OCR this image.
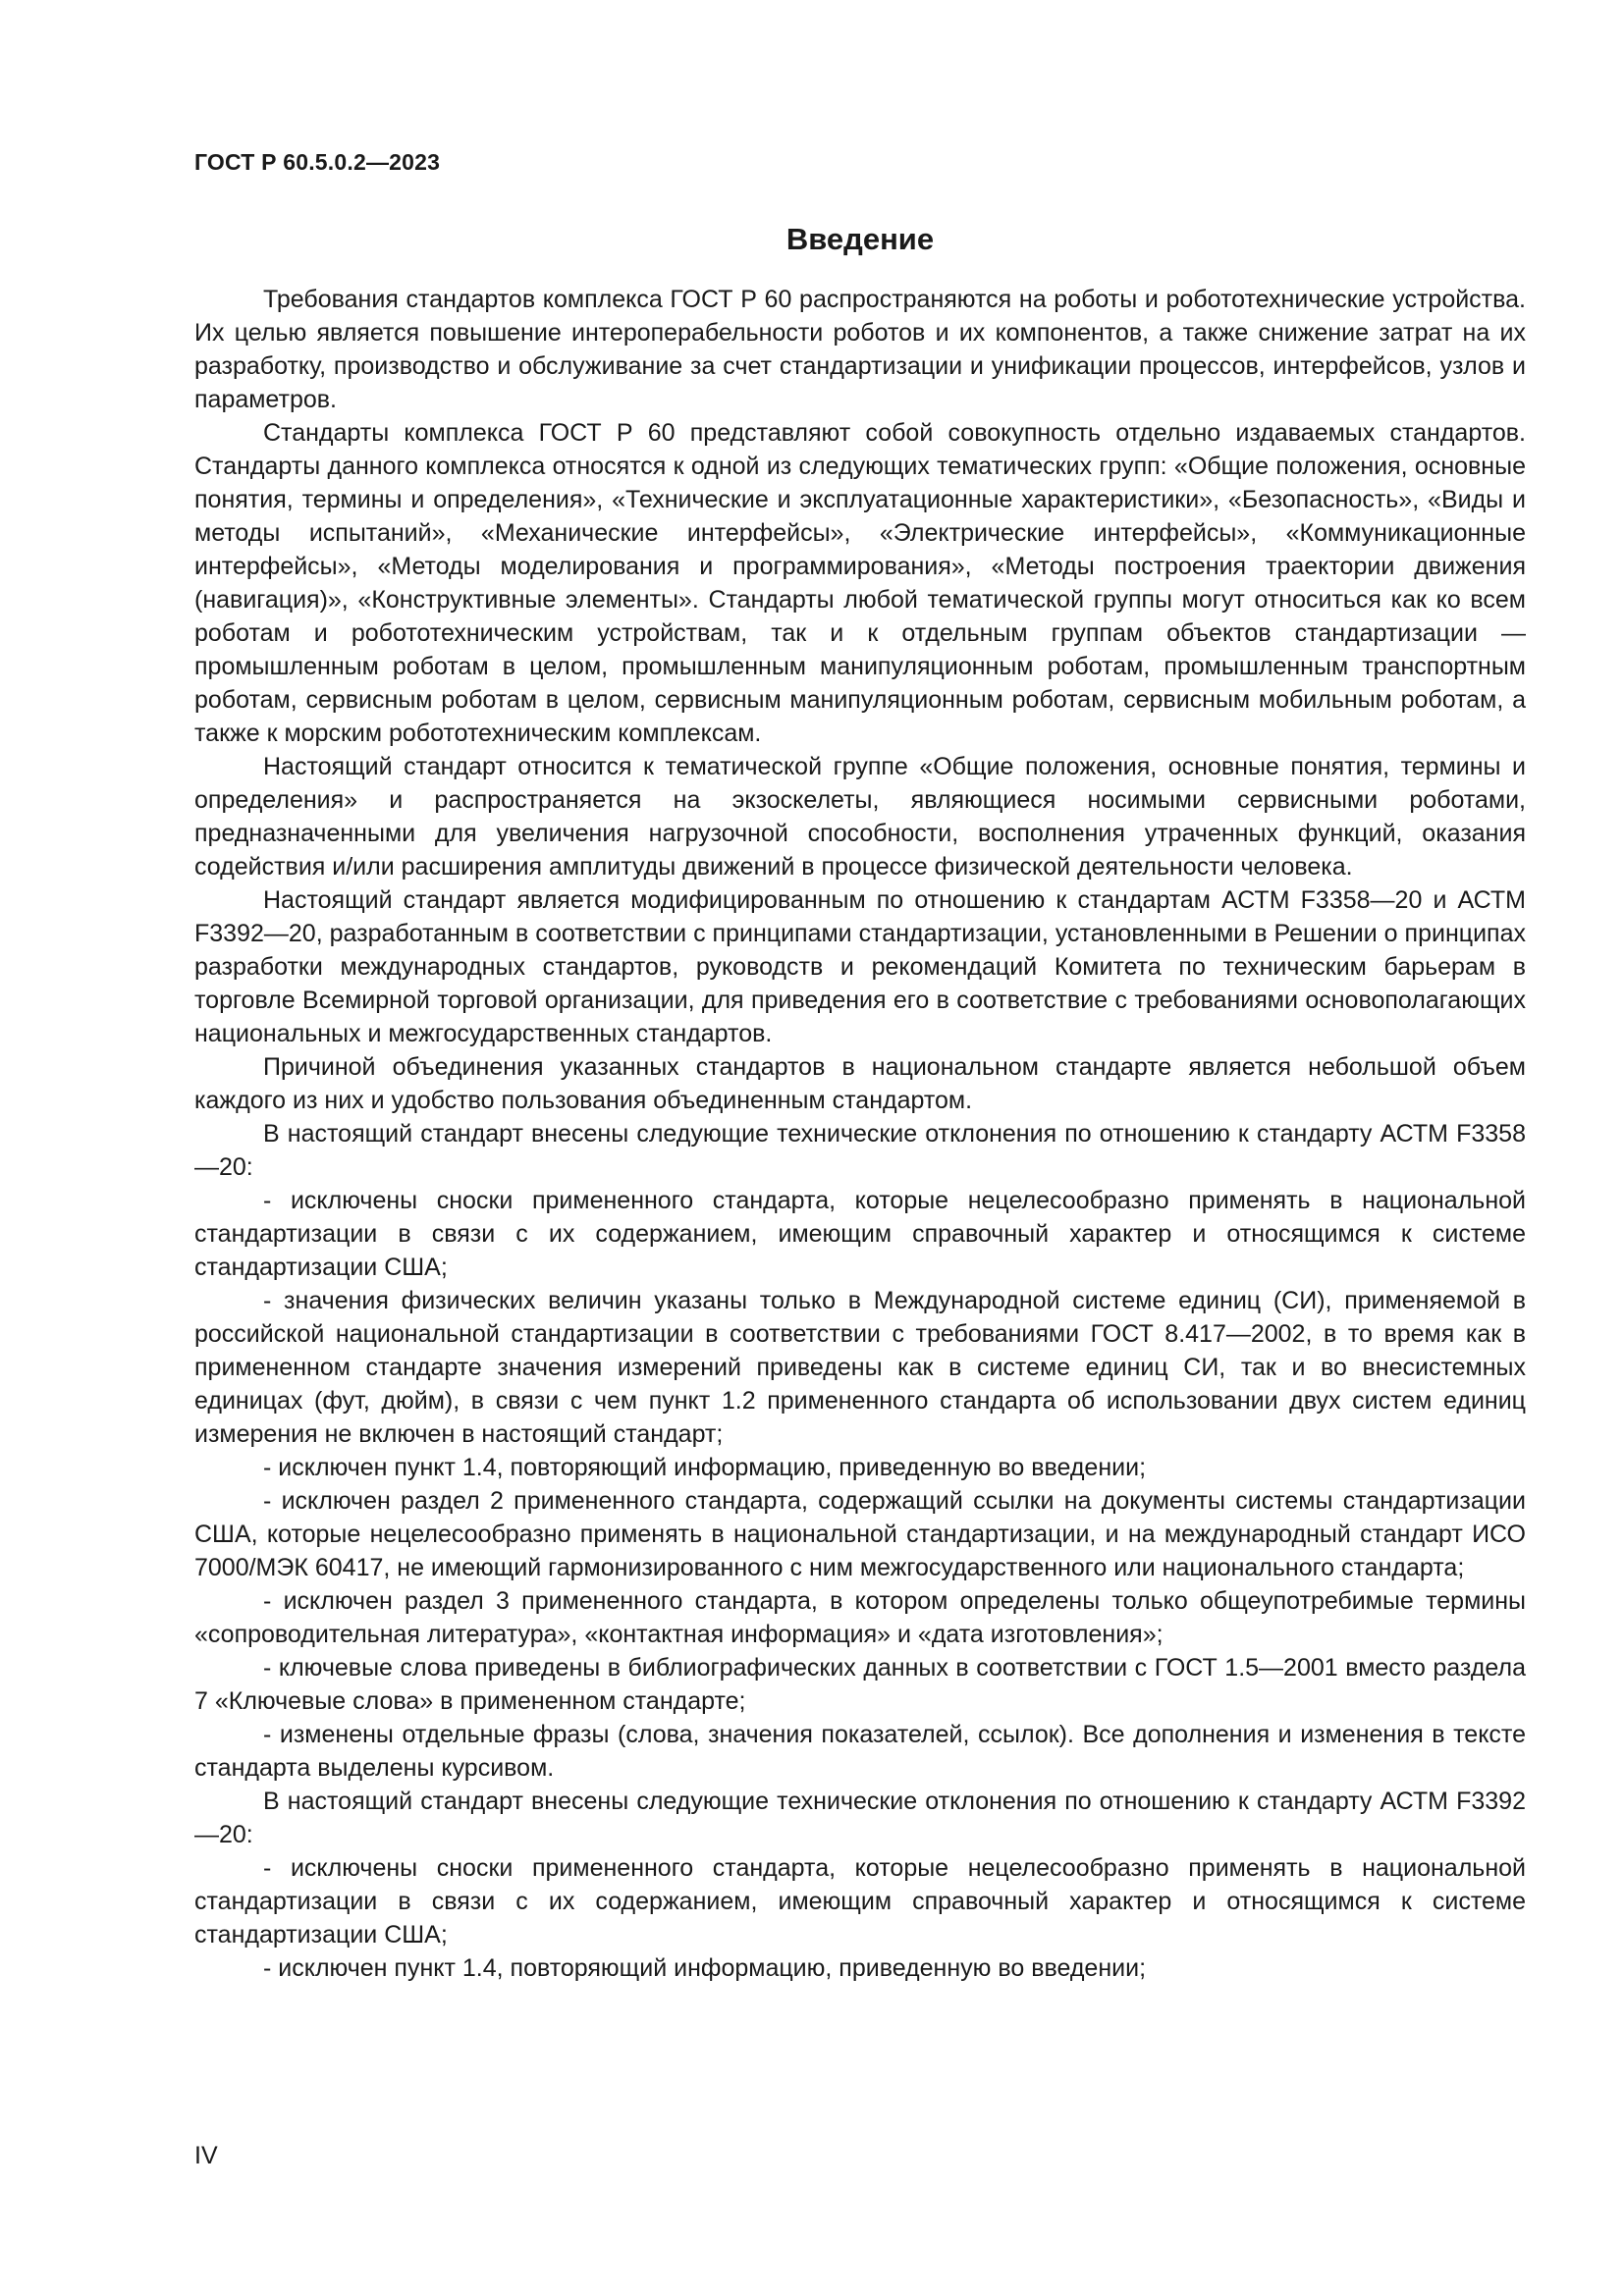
ГОСТ Р 60.5.0.2—2023
Введение

Требования стандартов комплекса ГОСТ Р 60 распространяются на роботы и робототехнические устройства. Их целью является повышение интероперабельности роботов и их компонентов, а также снижение затрат на их разработку, производство и обслуживание за счет стандартизации и унификации процессов, интерфейсов, узлов и параметров.

Стандарты комплекса ГОСТ Р 60 представляют собой совокупность отдельно издаваемых стандартов. Стандарты данного комплекса относятся к одной из следующих тематических групп: «Общие положения, основные понятия, термины и определения», «Технические и эксплуатационные характеристики», «Безопасность», «Виды и методы испытаний», «Механические интерфейсы», «Электрические интерфейсы», «Коммуникационные интерфейсы», «Методы моделирования и программирования», «Методы построения траектории движения (навигация)», «Конструктивные элементы». Стандарты любой тематической группы могут относиться как ко всем роботам и робототехническим устройствам, так и к отдельным группам объектов стандартизации — промышленным роботам в целом, промышленным манипуляционным роботам, промышленным транспортным роботам, сервисным роботам в целом, сервисным манипуляционным роботам, сервисным мобильным роботам, а также к морским робототехническим комплексам.

Настоящий стандарт относится к тематической группе «Общие положения, основные понятия, термины и определения» и распространяется на экзоскелеты, являющиеся носимыми сервисными роботами, предназначенными для увеличения нагрузочной способности, восполнения утраченных функций, оказания содействия и/или расширения амплитуды движений в процессе физической деятельности человека.

Настоящий стандарт является модифицированным по отношению к стандартам АСТМ F3358—20 и АСТМ F3392—20, разработанным в соответствии с принципами стандартизации, установленными в Решении о принципах разработки международных стандартов, руководств и рекомендаций Комитета по техническим барьерам в торговле Всемирной торговой организации, для приведения его в соответствие с требованиями основополагающих национальных и межгосударственных стандартов.

Причиной объединения указанных стандартов в национальном стандарте является небольшой объем каждого из них и удобство пользования объединенным стандартом.

В настоящий стандарт внесены следующие технические отклонения по отношению к стандарту АСТМ F3358—20:

- исключены сноски примененного стандарта, которые нецелесообразно применять в национальной стандартизации в связи с их содержанием, имеющим справочный характер и относящимся к системе стандартизации США;

- значения физических величин указаны только в Международной системе единиц (СИ), применяемой в российской национальной стандартизации в соответствии с требованиями ГОСТ 8.417—2002, в то время как в примененном стандарте значения измерений приведены как в системе единиц СИ, так и во внесистемных единицах (фут, дюйм), в связи с чем пункт 1.2 примененного стандарта об использовании двух систем единиц измерения не включен в настоящий стандарт;

- исключен пункт 1.4, повторяющий информацию, приведенную во введении;

- исключен раздел 2 примененного стандарта, содержащий ссылки на документы системы стандартизации США, которые нецелесообразно применять в национальной стандартизации, и на международный стандарт ИСО 7000/МЭК 60417, не имеющий гармонизированного с ним межгосударственного или национального стандарта;

- исключен раздел 3 примененного стандарта, в котором определены только общеупотребимые термины «сопроводительная литература», «контактная информация» и «дата изготовления»;

- ключевые слова приведены в библиографических данных в соответствии с ГОСТ 1.5—2001 вместо раздела 7 «Ключевые слова» в примененном стандарте;

- изменены отдельные фразы (слова, значения показателей, ссылок). Все дополнения и изменения в тексте стандарта выделены курсивом.

В настоящий стандарт внесены следующие технические отклонения по отношению к стандарту АСТМ F3392—20:

- исключены сноски примененного стандарта, которые нецелесообразно применять в национальной стандартизации в связи с их содержанием, имеющим справочный характер и относящимся к системе стандартизации США;

- исключен пункт 1.4, повторяющий информацию, приведенную во введении;

IV
